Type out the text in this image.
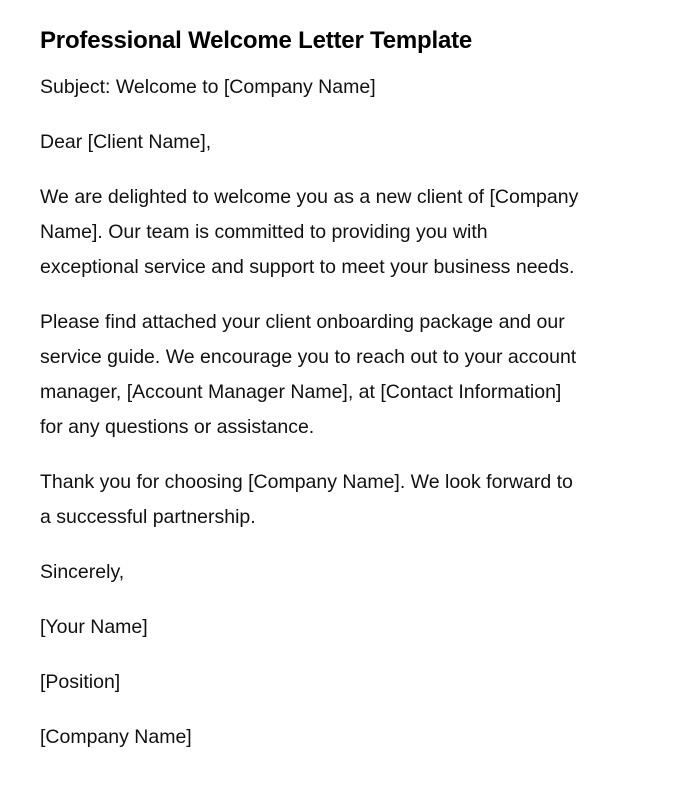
Professional Welcome Letter Template
Subject: Welcome to [Company Name]
Dear [Client Name],
We are delighted to welcome you as a new client of [Company
Name]. Our team is committed to providing you with
exceptional service and support to meet your business needs.
Please find attached your client onboarding package and our
service guide. We encourage you to reach out to your account
manager, [Account Manager Name], at [Contact Information]
for any questions or assistance.
Thank you for choosing [Company Name]. We look forward to
a successful partnership.
Sincerely,
[Your Name]
[Position]
[Company Name]
